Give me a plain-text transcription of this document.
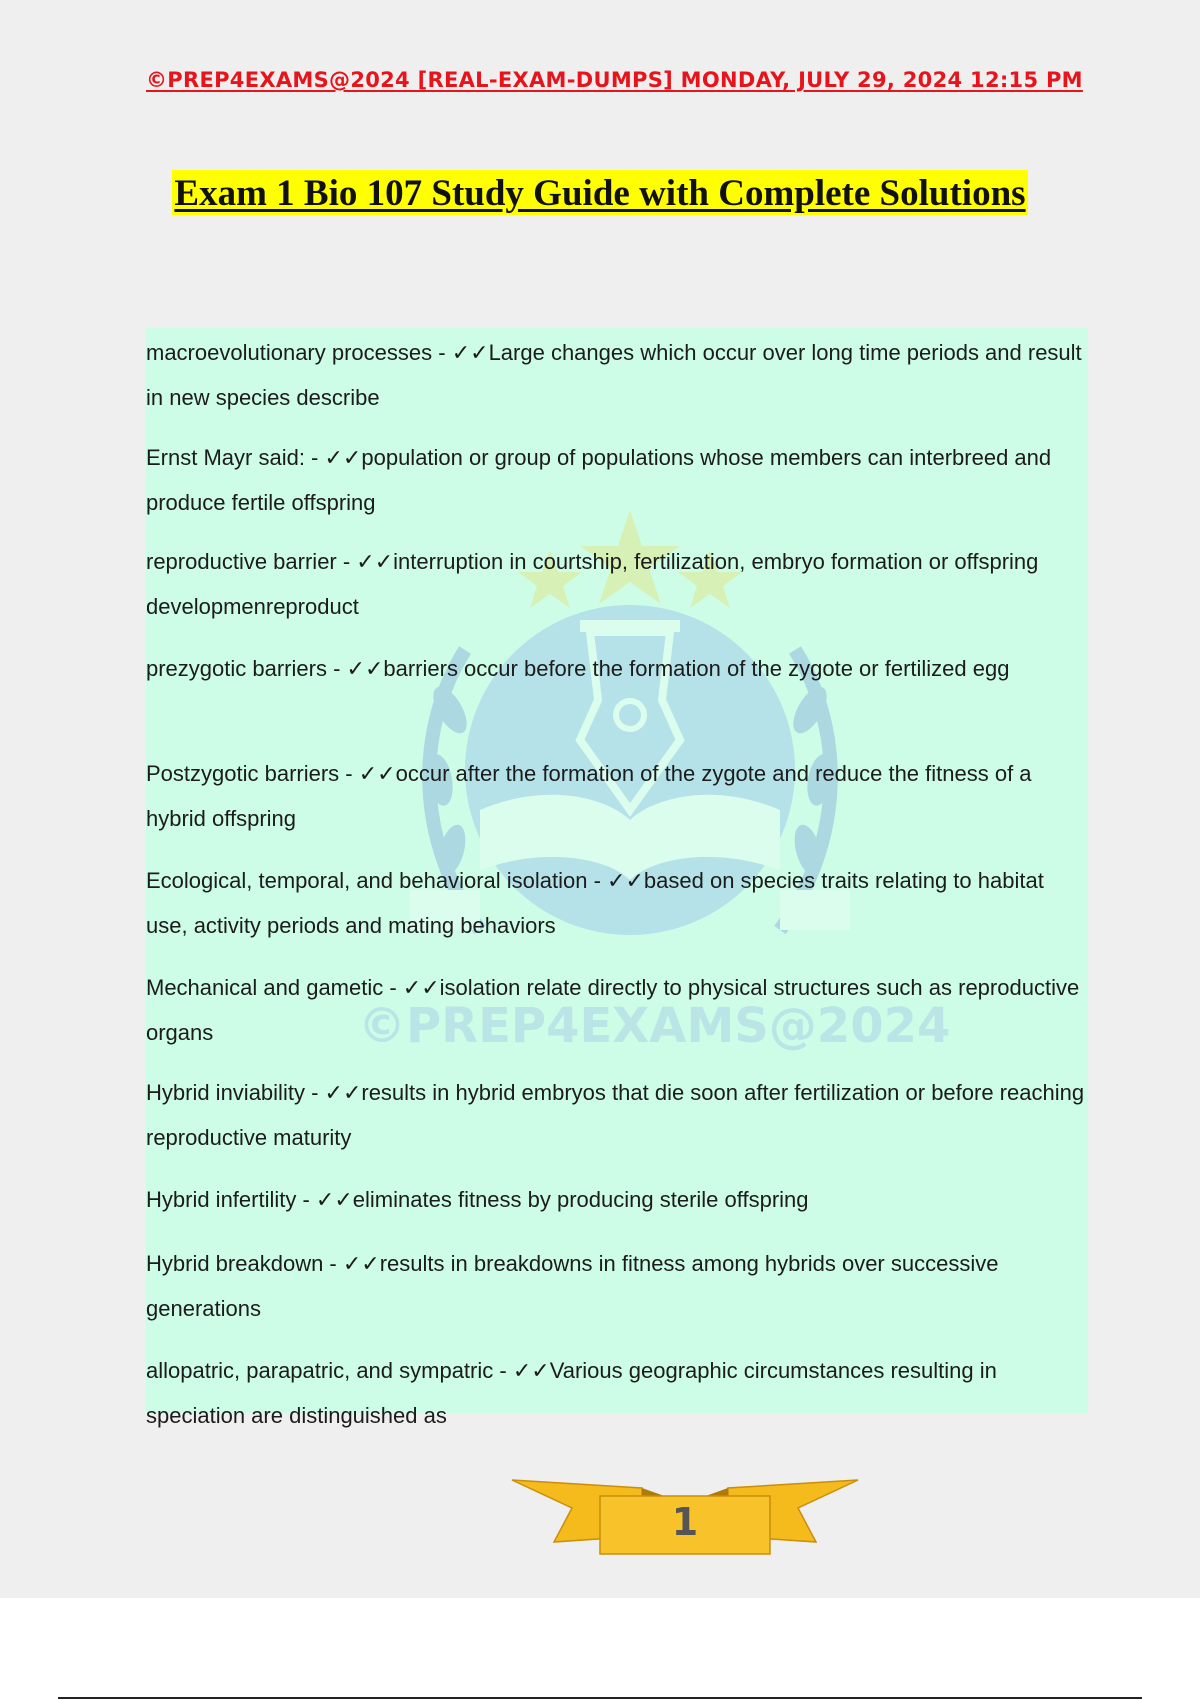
©PREP4EXAMS@2024 [REAL-EXAM-DUMPS] MONDAY, JULY 29, 2024 12:15 PM
Exam 1 Bio 107 Study Guide with Complete Solutions
©PREP4EXAMS@2024
macroevolutionary processes - ✓✓Large changes which occur over long time periods and result in new species describe
Ernst Mayr said: - ✓✓population or group of populations whose members can interbreed and produce fertile offspring
reproductive barrier - ✓✓interruption in courtship, fertilization, embryo formation or offspring developmenreproduct
prezygotic barriers - ✓✓barriers occur before the formation of the zygote or fertilized egg
Postzygotic barriers - ✓✓occur after the formation of the zygote and reduce the fitness of a hybrid offspring
Ecological, temporal, and behavioral isolation - ✓✓based on species traits relating to habitat use, activity periods and mating behaviors
Mechanical and gametic - ✓✓isolation relate directly to physical structures such as reproductive organs
Hybrid inviability - ✓✓results in hybrid embryos that die soon after fertilization or before reaching reproductive maturity
Hybrid infertility - ✓✓eliminates fitness by producing sterile offspring
Hybrid breakdown - ✓✓results in breakdowns in fitness among hybrids over successive generations
allopatric, parapatric, and sympatric - ✓✓Various geographic circumstances resulting in speciation are distinguished as
1
